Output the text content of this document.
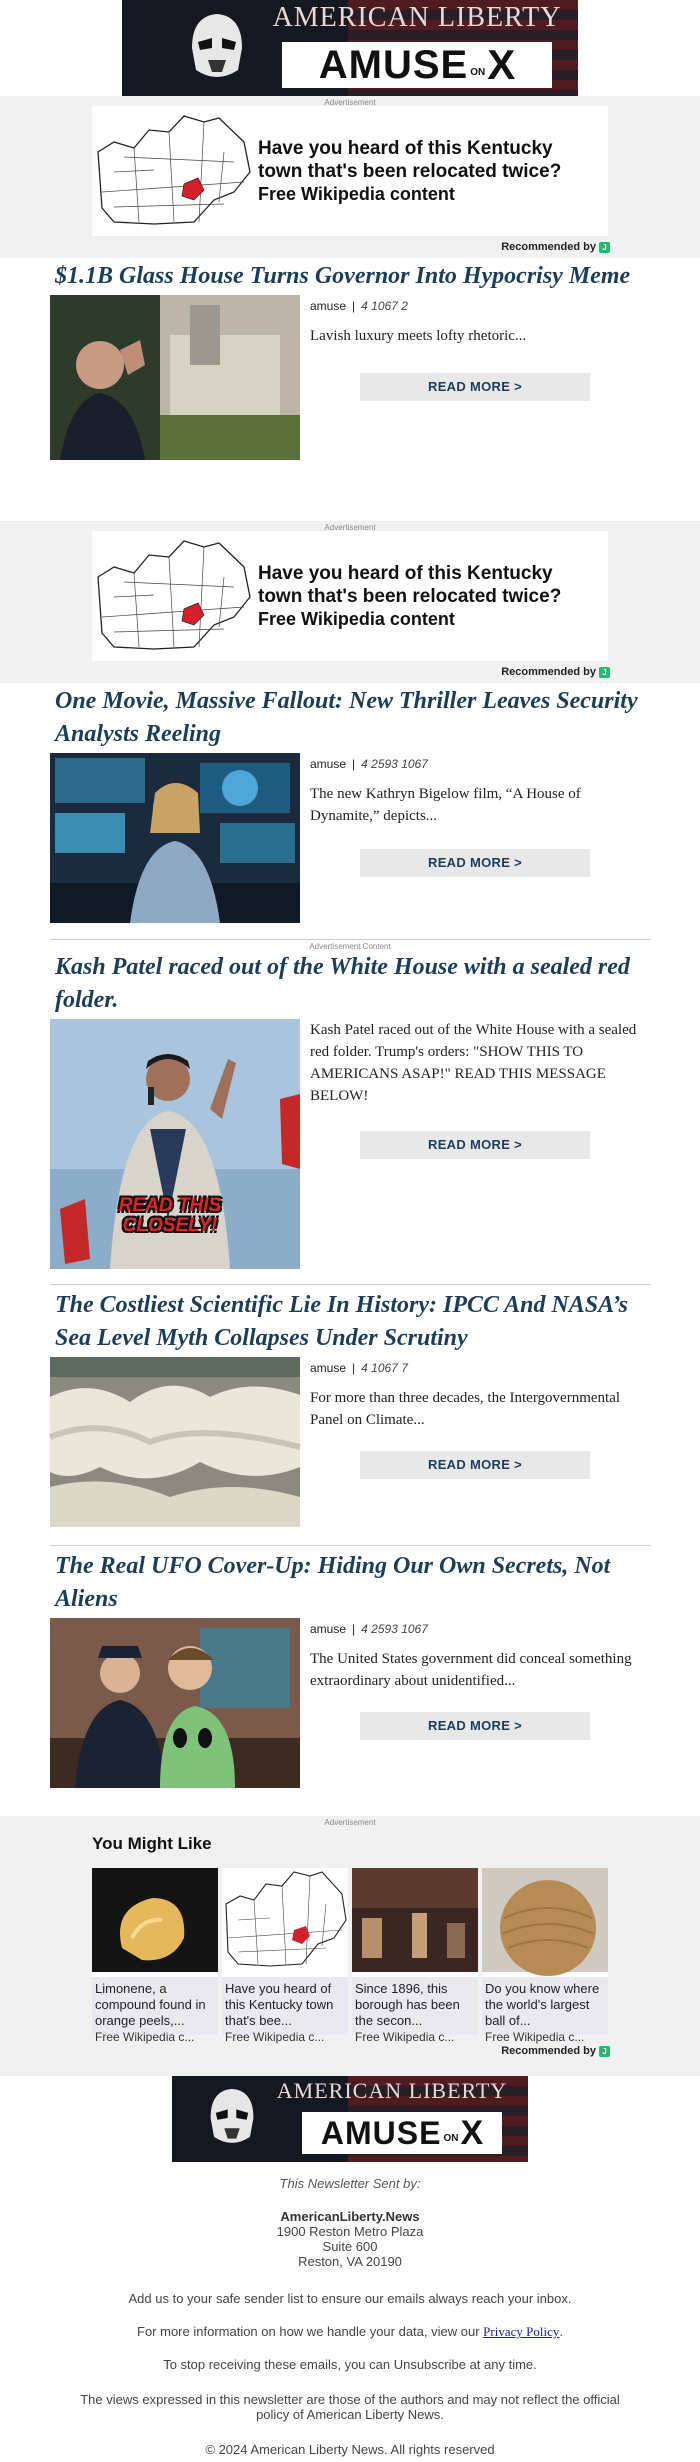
AMERICAN LIBERTY
AMUSE ON X
Advertisement
Have you heard of this Kentucky
town that's been relocated twice?
Free Wikipedia content
Recommended by J
$1.1B Glass House Turns Governor Into Hypocrisy Meme
amuse | 4 1067 2
Lavish luxury meets lofty rhetoric...
READ MORE >
Advertisement
Have you heard of this Kentucky
town that's been relocated twice?
Free Wikipedia content
Recommended by J
One Movie, Massive Fallout: New Thriller Leaves Security Analysts Reeling
amuse | 4 2593 1067
The new Kathryn Bigelow film, “A House of Dynamite,” depicts...
READ MORE >
Advertisement Content
Kash Patel raced out of the White House with a sealed red folder.
Kash Patel raced out of the White House with a sealed red folder. Trump's orders: "SHOW THIS TO AMERICANS ASAP!" READ THIS MESSAGE BELOW!
READ MORE >
READ THIS
CLOSELY!
The Costliest Scientific Lie In History: IPCC And NASA’s Sea Level Myth Collapses Under Scrutiny
amuse | 4 1067 7
For more than three decades, the Intergovernmental Panel on Climate...
READ MORE >
The Real UFO Cover-Up: Hiding Our Own Secrets, Not Aliens
amuse | 4 2593 1067
The United States government did conceal something extraordinary about unidentified...
READ MORE >
Advertisement
You Might Like
Limonene, a compound found in orange peels,...
Free Wikipedia c...
Have you heard of this Kentucky town that's bee...
Free Wikipedia c...
Since 1896, this borough has been the secon...
Free Wikipedia c...
Do you know where the world's largest ball of...
Free Wikipedia c...
Recommended by J
AMERICAN LIBERTY
AMUSE ON X

This Newsletter Sent by:

AmericanLiberty.News

1900 Reston Metro Plaza

Suite 600

Reston, VA 20190

Add us to your safe sender list to ensure our emails always reach your inbox.

For more information on how we handle your data, view our Privacy Policy.

To stop receiving these emails, you can Unsubscribe at any time.

The views expressed in this newsletter are those of the authors and may not reflect the official policy of American Liberty News.

© 2024 American Liberty News. All rights reserved
